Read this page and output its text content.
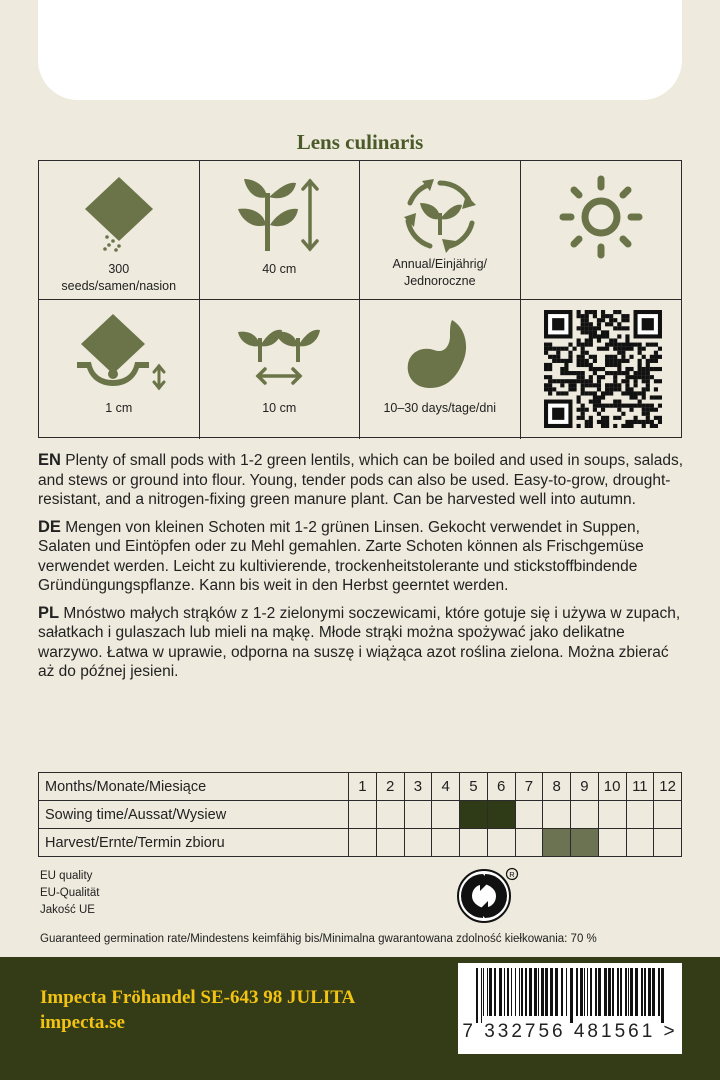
Lens culinaris
300
seeds/samen/nasion
40 cm	Annual/Einjährig/
Jednoroczne
1 cm	10 cm	10–30 days/tage/dni

EN Plenty of small pods with 1-2 green lentils, which can be boiled and used in soups, salads, and stews or ground into flour. Young, tender pods can also be used. Easy-to-grow, drought-resistant, and a nitrogen-fixing green manure plant. Can be harvested well into autumn.

DE Mengen von kleinen Schoten mit 1-2 grünen Linsen. Gekocht verwendet in Suppen, Salaten und Eintöpfen oder zu Mehl gemahlen. Zarte Schoten können als Frischgemüse verwendet werden. Leicht zu kultivierende, trockenheitstolerante und stickstoffbindende Gründüngungspflanze. Kann bis weit in den Herbst geerntet werden.

PL Mnóstwo małych strąków z 1-2 zielonymi soczewicami, które gotuje się i używa w zupach, sałatkach i gulaszach lub mieli na mąkę. Młode strąki można spożywać jako delikatne warzywo. Łatwa w uprawie, odporna na suszę i wiążąca azot roślina zielona. Można zbierać aż do późnej jesieni.

Months/Monate/Miesiące	1	2	3	4	5	6	7	8	9	10	11	12
Sowing time/Aussat/Wysiew												
Harvest/Ernte/Termin zbioru												
EU quality
EU-Qualität
Jakość UE
R
Guaranteed germination rate/Mindestens keimfähig bis/Minimalna gwarantowana zdolność kiełkowania: 70 %
Impecta Fröhandel SE-643 98 JULITA
impecta.se	7 332756 481561 >
